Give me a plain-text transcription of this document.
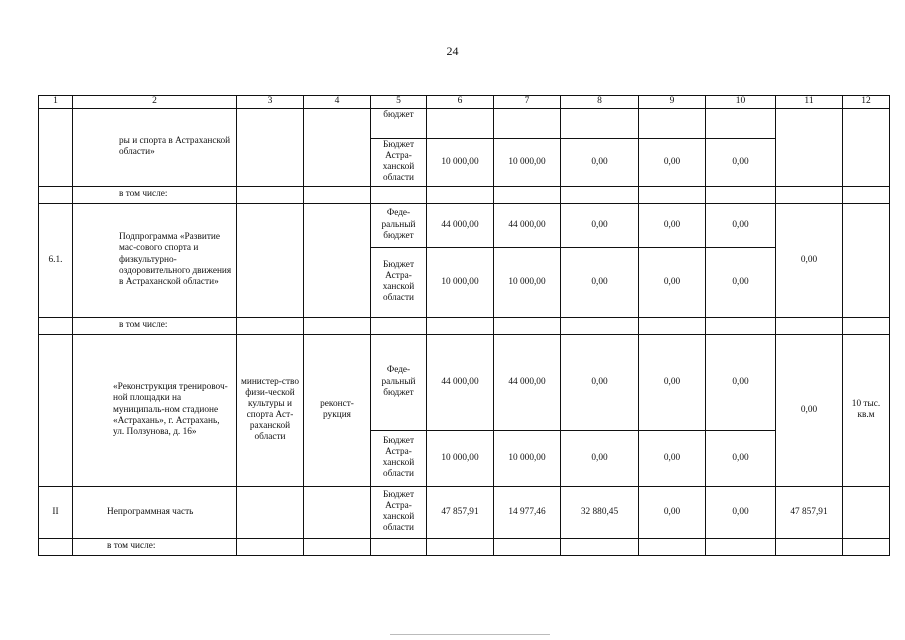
24
1	2	3	4	5	6	7	8	9	10	11	12
	ры и спорта в Астраханской области»			бюджет							
				Бюджет Астра-ханской области	10 000,00	10 000,00	0,00	0,00	0,00		
	в том числе:										
6.1.	Подпрограмма «Развитие мас-сового спорта и физкультурно-оздоровительного движения в Астраханской области»			Феде-ральный бюджет	44 000,00	44 000,00	0,00	0,00	0,00	0,00	
				Бюджет Астра-ханской области	10 000,00	10 000,00	0,00	0,00	0,00		
	в том числе:										
	«Реконструкция тренировоч-ной площадки на муниципаль-ном стадионе «Астрахань», г. Астрахань, ул. Ползунова, д. 16»	министер-ство физи-ческой культуры и спорта Аст-раханской области	реконст-рукция	Феде-ральный бюджет	44 000,00	44 000,00	0,00	0,00	0,00	0,00	10 тыс. кв.м
				Бюджет Астра-ханской области	10 000,00	10 000,00	0,00	0,00	0,00		
II	Непрограммная часть			Бюджет Астра-ханской области	47 857,91	14 977,46	32 880,45	0,00	0,00	47 857,91	
	в том числе:										
